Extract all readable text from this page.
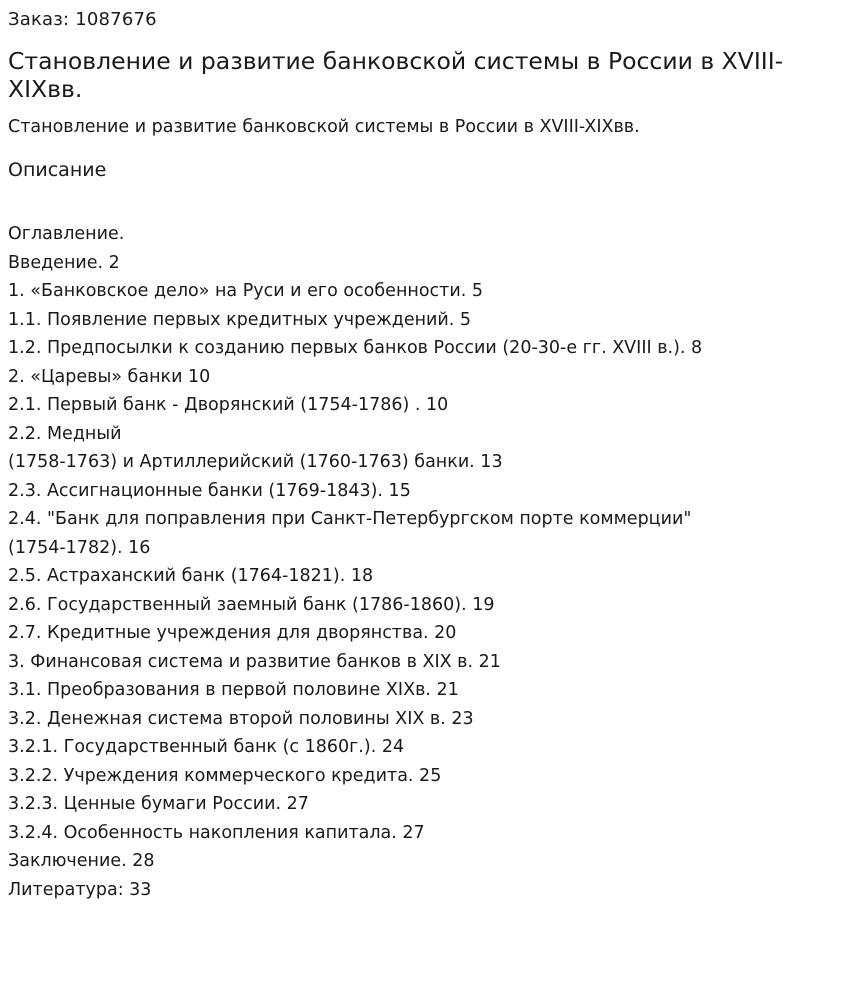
Заказ: 1087676
Становление и развитие банковской системы в России в XVIII-XIXвв.
Становление и развитие банковской системы в России в XVIII-XIXвв.
Описание
Оглавление.
Введение. 2
1. «Банковское дело» на Руси и его особенности. 5
1.1. Появление первых кредитных учреждений. 5
1.2. Предпосылки к созданию первых банков России (20-30-е гг. XVIII в.). 8
2. «Царевы» банки 10
2.1. Первый банк - Дворянский (1754-1786) . 10
2.2. Медный
(1758-1763) и Артиллерийский (1760-1763) банки. 13
2.3. Ассигнационные банки (1769-1843). 15
2.4. "Банк для поправления при Санкт-Петербургском порте коммерции"
(1754-1782). 16
2.5. Астраханский банк (1764-1821). 18
2.6. Государственный заемный банк (1786-1860). 19
2.7. Кредитные учреждения для дворянства. 20
3. Финансовая система и развитие банков в XIX в. 21
3.1. Преобразования в первой половине XIXв. 21
3.2. Денежная система второй половины XIX в. 23
3.2.1. Государственный банк (с 1860г.). 24
3.2.2. Учреждения коммерческого кредита. 25
3.2.3. Ценные бумаги России. 27
3.2.4. Особенность накопления капитала. 27
Заключение. 28
Литература: 33
